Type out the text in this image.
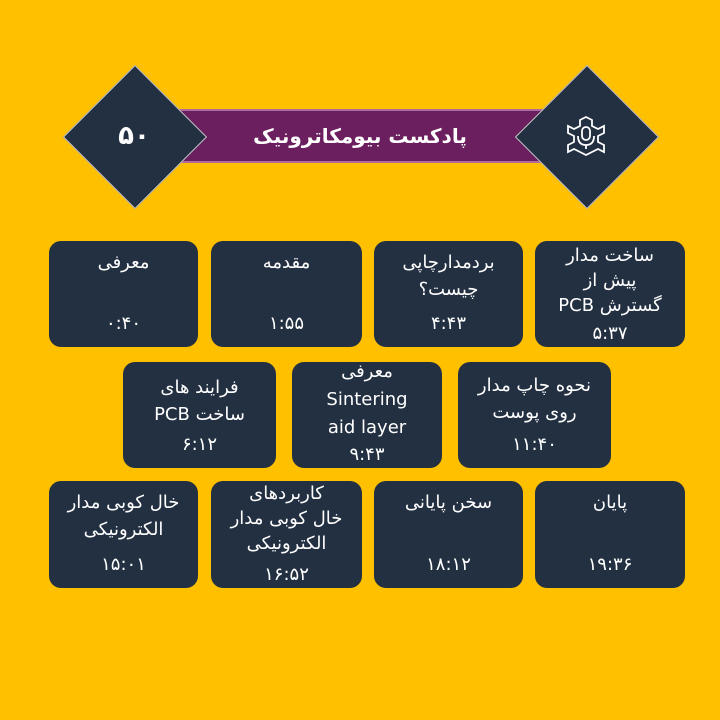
پادکست بیومکاترونیک
۵۰
معرفی
۰:۴۰
مقدمه
۱:۵۵
بردمدارچاپی
چیست؟
۴:۴۳
ساخت مدار
پیش از
گسترش PCB
۵:۳۷
فرایند های
ساخت PCB
۶:۱۲
معرفی
Sintering
aid layer
۹:۴۳
نحوه چاپ مدار
روی پوست
۱۱:۴۰
خال کوبی مدار
الکترونیکی
۱۵:۰۱
کاربردهای
خال کوبی مدار
الکترونیکی
۱۶:۵۲
سخن پایانی
۱۸:۱۲
پایان
۱۹:۳۶
